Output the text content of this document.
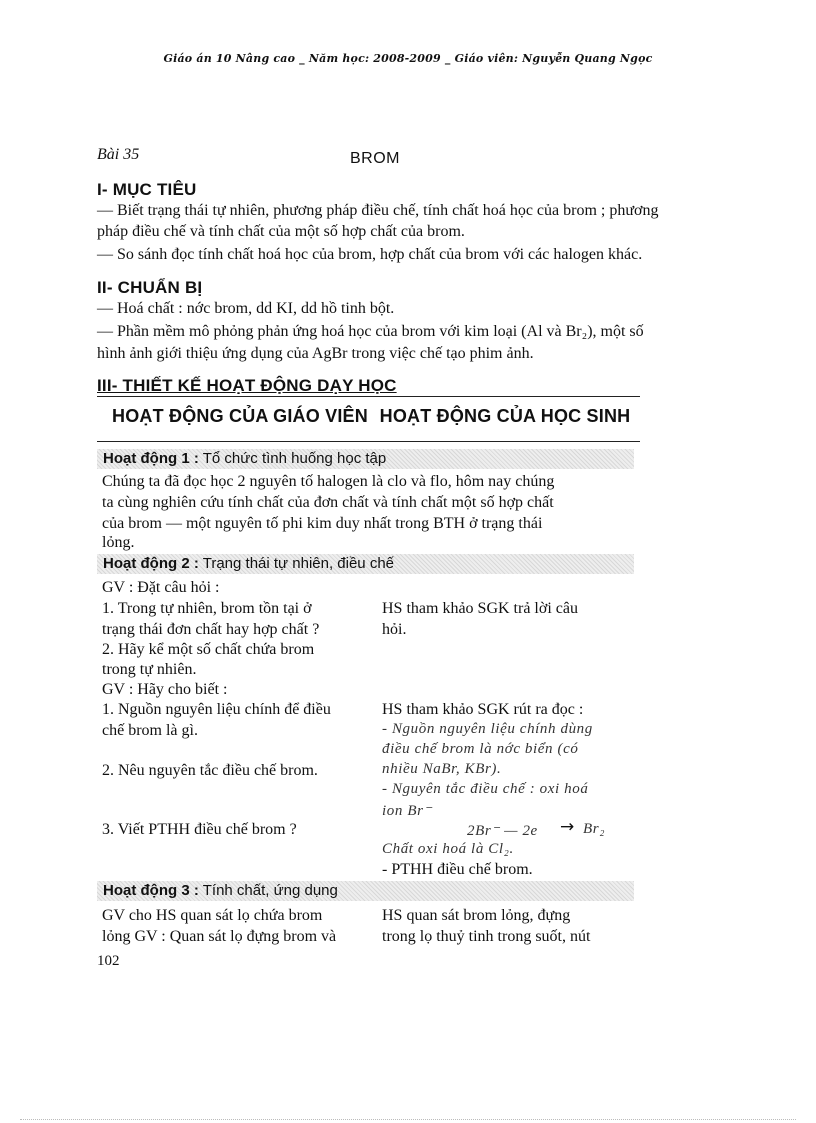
Giáo án 10 Nâng cao _ Năm học: 2008-2009 _ Giáo viên: Nguyễn Quang Ngọc
Bài 35	BROM
I- MỤC TIÊU
— Biết trạng thái tự nhiên, phương pháp điều chế, tính chất hoá học của brom ; phương
pháp điều chế và tính chất của một số hợp chất của brom.
— So sánh đọc tính chất hoá học của brom, hợp chất của brom với các halogen khác.
II- CHUẨN BỊ
— Hoá chất : nớc brom, dd KI, dd hồ tinh bột.
— Phần mềm mô phỏng phản ứng hoá học của brom với kim loại (Al và Br₂), một số
hình ảnh giới thiệu ứng dụng của AgBr trong việc chế tạo phim ảnh.
III- THIẾT KẾ HOẠT ĐỘNG DẠY HỌC
HOẠT ĐỘNG CỦA GIÁO VIÊN HOẠT ĐỘNG CỦA HỌC SINH
Hoạt động 1 : Tổ chức tình huống học tập
Chúng ta đã đọc học 2 nguyên tố halogen là clo và flo, hôm nay chúng
ta cùng nghiên cứu tính chất của đơn chất và tính chất một số hợp chất
của brom — một nguyên tố phi kim duy nhất trong BTH ở trạng thái
lỏng.
Hoạt động 2 : Trạng thái tự nhiên, điều chế
GV : Đặt câu hỏi :
1. Trong tự nhiên, brom tồn tại ở
trạng thái đơn chất hay hợp chất ?
2. Hãy kể một số chất chứa brom
trong tự nhiên.
HS tham khảo SGK trả lời câu
hỏi.
GV : Hãy cho biết :
1. Nguồn nguyên liệu chính để điều
chế brom là gì.
2. Nêu nguyên tắc điều chế brom.
3. Viết PTHH điều chế brom ?
HS tham khảo SGK rút ra đọc :
- Nguồn nguyên liệu chính dùng
điều chế brom là nớc biển (có
nhiều NaBr, KBr).
- Nguyên tắc điều chế : oxi hoá
ion Br⁻
2Br⁻ — 2e → Br₂
Chất oxi hoá là Cl₂.
- PTHH điều chế brom.
Hoạt động 3 : Tính chất, ứng dụng
GV cho HS quan sát lọ chứa brom
lỏng GV : Quan sát lọ đựng brom và
HS quan sát brom lỏng, đựng
trong lọ thuỷ tinh trong suốt, nút
102
